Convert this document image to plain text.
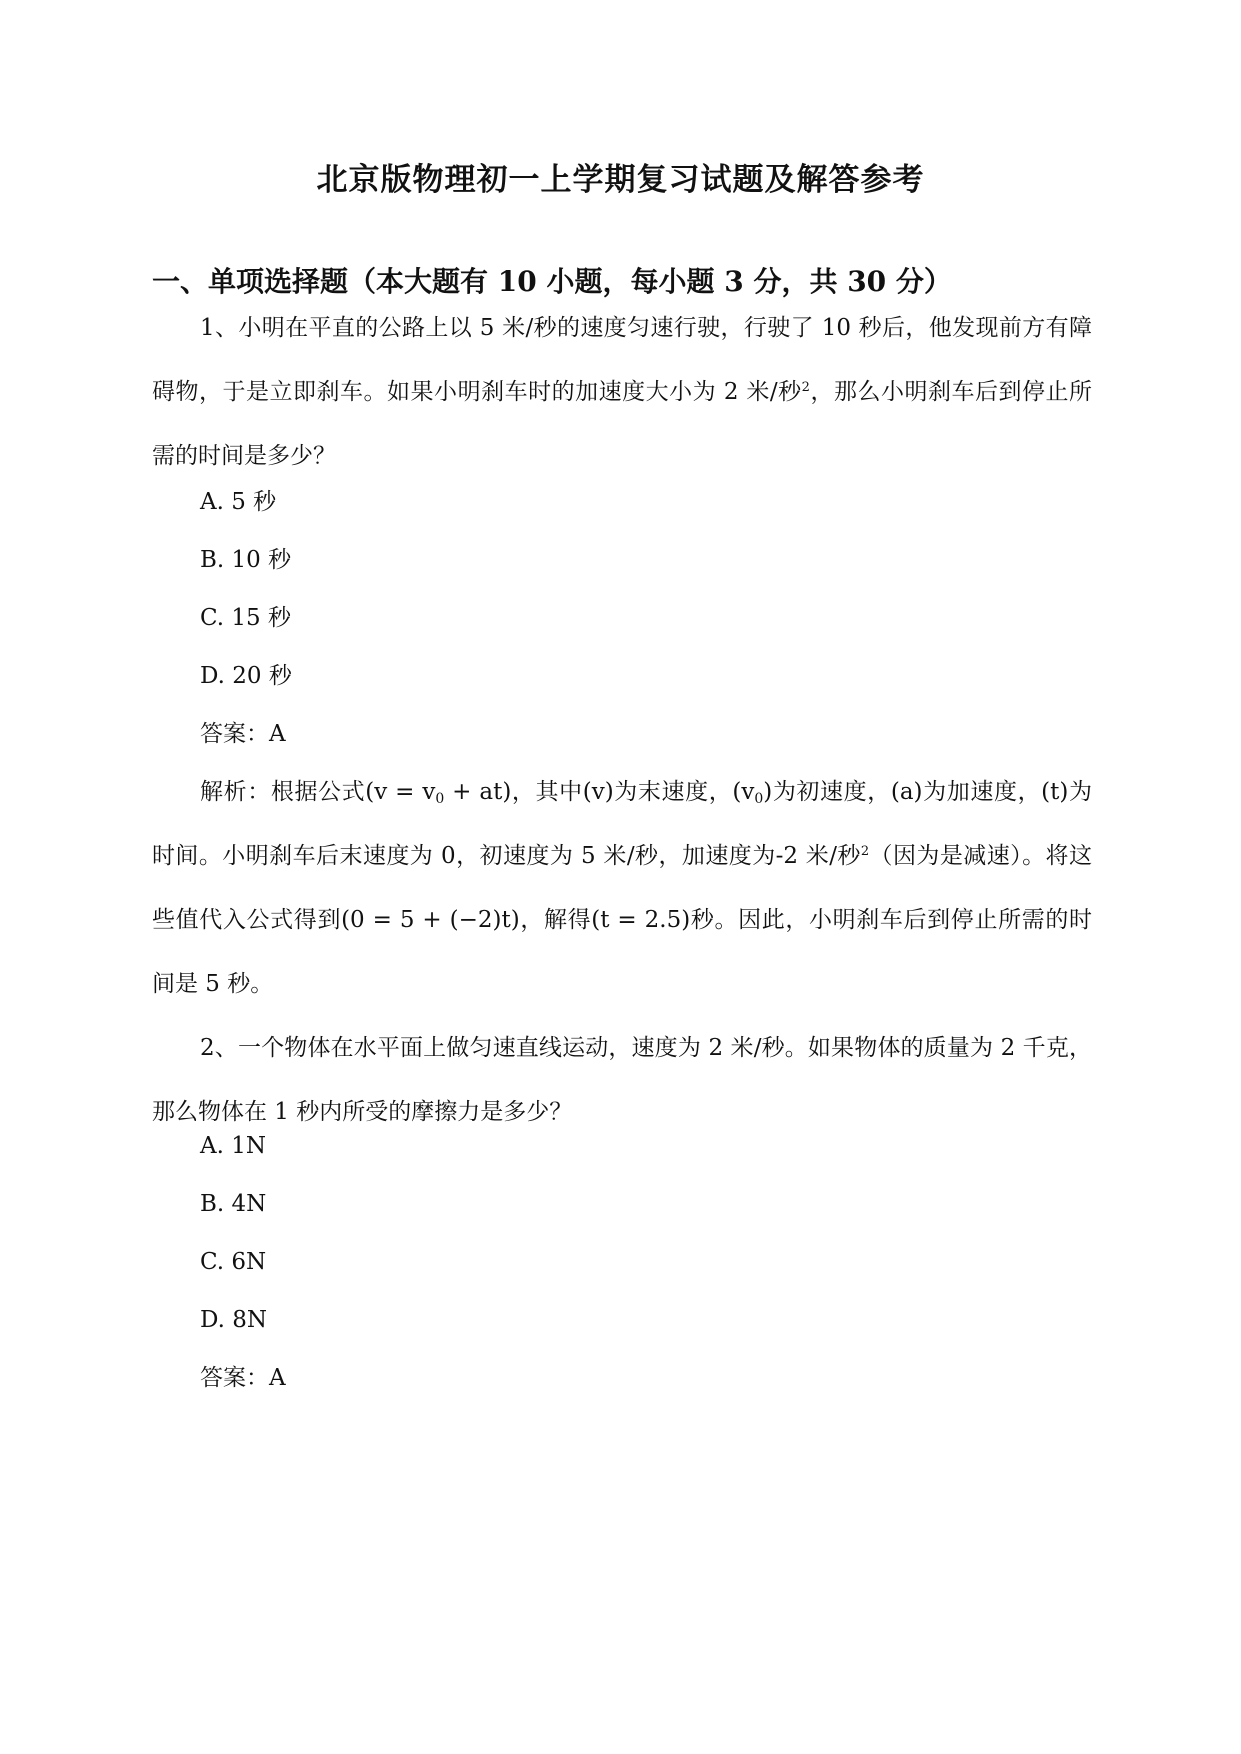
北京版物理初一上学期复习试题及解答参考
一、单项选择题（本大题有 10 小题，每小题 3 分，共 30 分）
1、小明在平直的公路上以 5 米/秒的速度匀速行驶，行驶了 10 秒后，他发现前方有障碍物，于是立即刹车。如果小明刹车时的加速度大小为 2 米/秒$^2$，那么小明刹车后到停止所需的时间是多少？
A. 5 秒
B. 10 秒
C. 15 秒
D. 20 秒
答案：A
解析：根据公式$(v = v_0 + at)$，其中(v)为末速度，$(v_0)$为初速度，(a)为加速度，(t)为时间。小明刹车后末速度为 0，初速度为 5 米/秒，加速度为-2 米/秒$^2$（因为是减速）。将这些值代入公式得到(0 = 5 + (−2)t)，解得(t = 2.5)秒。因此，小明刹车后到停止所需的时间是 5 秒。
2、一个物体在水平面上做匀速直线运动，速度为 2 米/秒。如果物体的质量为 2 千克，那么物体在 1 秒内所受的摩擦力是多少？
A. 1N
B. 4N
C. 6N
D. 8N
答案：A
